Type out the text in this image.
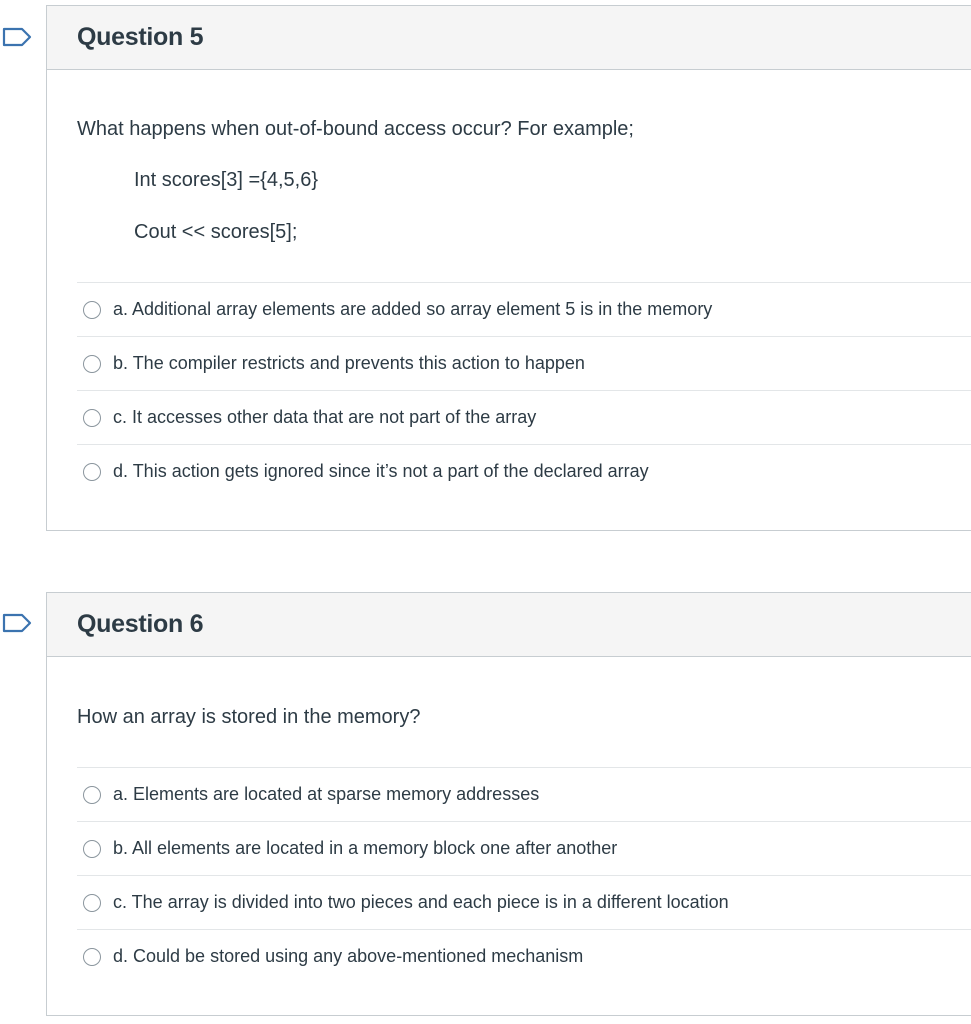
Question 5

What happens when out-of-bound access occur? For example;

Int scores[3] ={4,5,6}

Cout << scores[5];

a. Additional array elements are added so array element 5 is in the memory
b. The compiler restricts and prevents this action to happen
c. It accesses other data that are not part of the array
d. This action gets ignored since it’s not a part of the declared array
Question 6

How an array is stored in the memory?

a. Elements are located at sparse memory addresses
b. All elements are located in a memory block one after another
c. The array is divided into two pieces and each piece is in a different location
d. Could be stored using any above-mentioned mechanism
